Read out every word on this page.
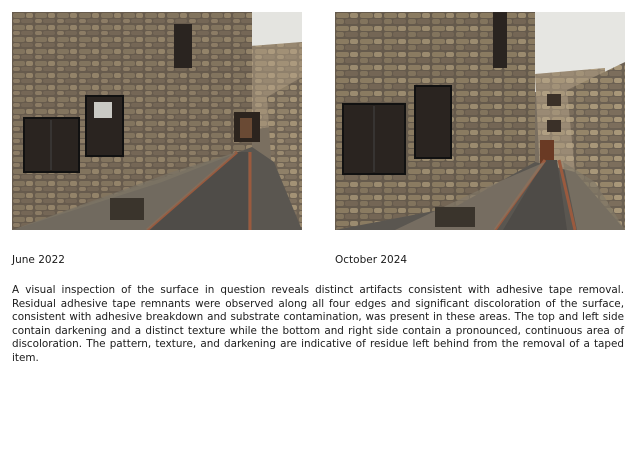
June 2022	October 2024

A visual inspection of the surface in question reveals distinct artifacts consistent with adhesive tape removal. Residual adhesive tape remnants were observed along all four edges and significant discoloration of the surface, consistent with adhesive breakdown and substrate contamination, was present in these areas. The top and left side contain darkening and a distinct texture while the bottom and right side contain a pronounced, continuous area of discoloration. The pattern, texture, and darkening are indicative of residue left behind from the removal of a taped item.
